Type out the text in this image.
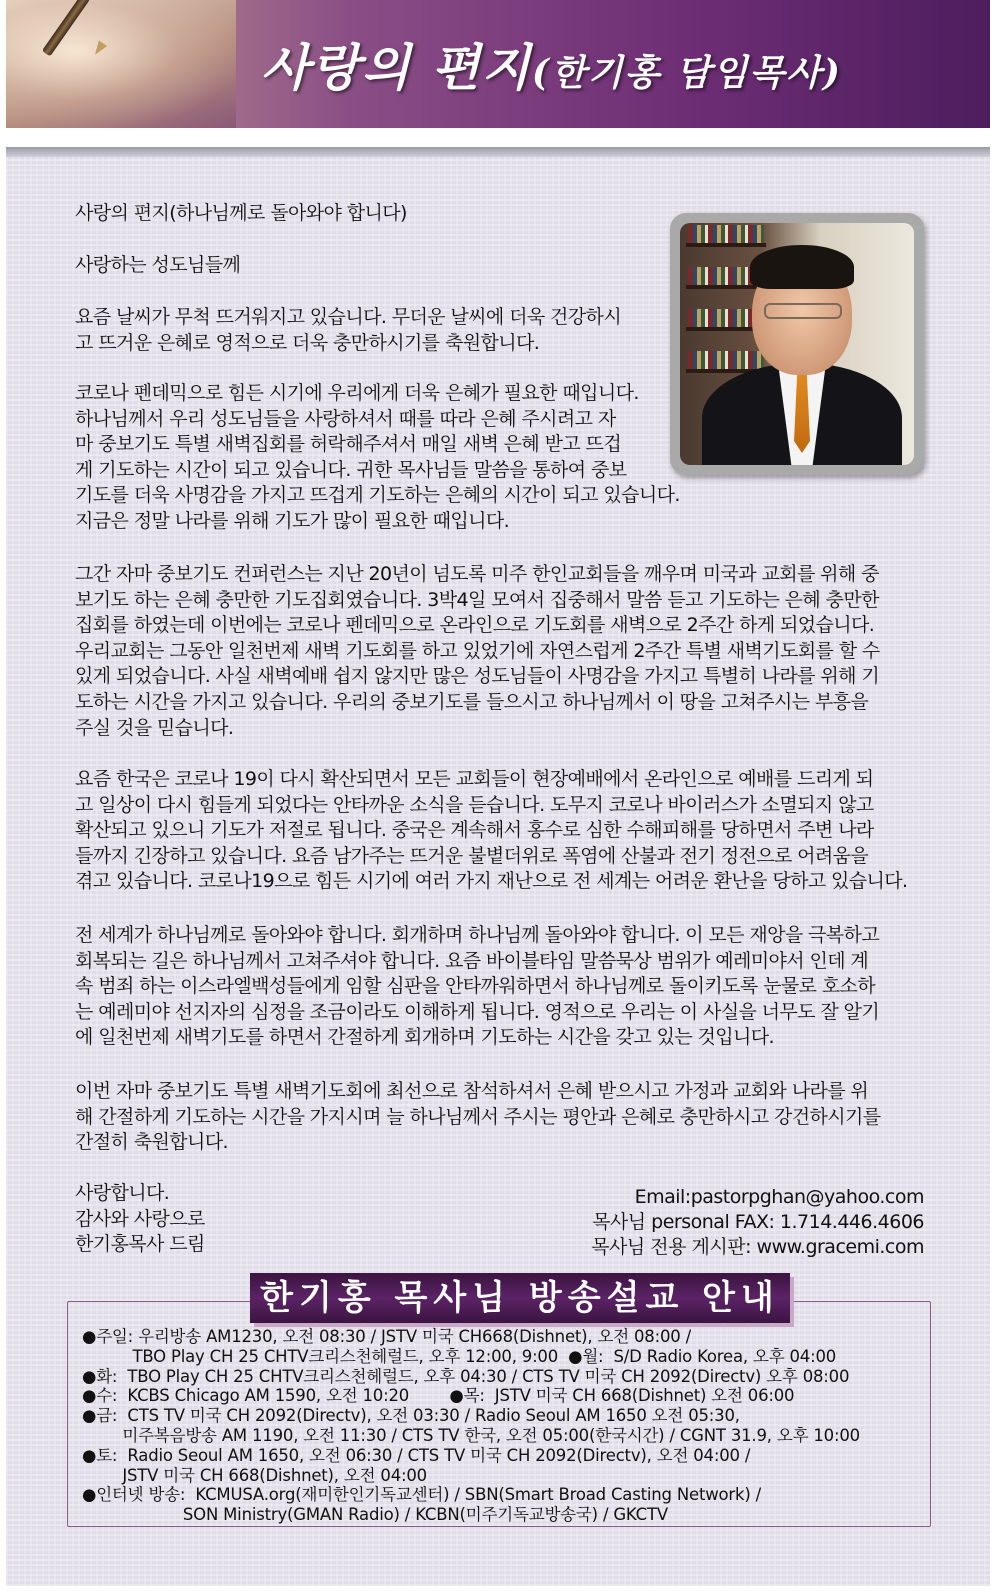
사랑의 편지(한기홍 담임목사)
사랑의 편지(하나님께로 돌아와야 합니다)
사랑하는 성도님들께
요즘 날씨가 무척 뜨거워지고 있습니다. 무더운 날씨에 더욱 건강하시
고 뜨거운 은혜로 영적으로 더욱 충만하시기를 축원합니다.
코로나 펜데믹으로 힘든 시기에 우리에게 더욱 은혜가 필요한 때입니다.
하나님께서 우리 성도님들을 사랑하셔서 때를 따라 은혜 주시려고 자
마 중보기도 특별 새벽집회를 허락해주셔서 매일 새벽 은혜 받고 뜨겁
게 기도하는 시간이 되고 있습니다. 귀한 목사님들 말씀을 통하여 중보
기도를 더욱 사명감을 가지고 뜨겁게 기도하는 은혜의 시간이 되고 있습니다.
지금은 정말 나라를 위해 기도가 많이 필요한 때입니다.
그간 자마 중보기도 컨퍼런스는 지난 20년이 넘도록 미주 한인교회들을 깨우며 미국과 교회를 위해 중
보기도 하는 은혜 충만한 기도집회였습니다. 3박4일 모여서 집중해서 말씀 듣고 기도하는 은혜 충만한
집회를 하였는데 이번에는 코로나 펜데믹으로 온라인으로 기도회를 새벽으로 2주간 하게 되었습니다.
우리교회는 그동안 일천번제 새벽 기도회를 하고 있었기에 자연스럽게 2주간 특별 새벽기도회를 할 수
있게 되었습니다. 사실 새벽예배 쉽지 않지만 많은 성도님들이 사명감을 가지고 특별히 나라를 위해 기
도하는 시간을 가지고 있습니다. 우리의 중보기도를 들으시고 하나님께서 이 땅을 고쳐주시는 부흥을
주실 것을 믿습니다.
요즘 한국은 코로나 19이 다시 확산되면서 모든 교회들이 현장예배에서 온라인으로 예배를 드리게 되
고 일상이 다시 힘들게 되었다는 안타까운 소식을 듣습니다. 도무지 코로나 바이러스가 소멸되지 않고
확산되고 있으니 기도가 저절로 됩니다. 중국은 계속해서 홍수로 심한 수해피해를 당하면서 주변 나라
들까지 긴장하고 있습니다. 요즘 남가주는 뜨거운 불볕더위로 폭염에 산불과 전기 정전으로 어려움을
겪고 있습니다. 코로나19으로 힘든 시기에 여러 가지 재난으로 전 세계는 어려운 환난을 당하고 있습니다.
전 세계가 하나님께로 돌아와야 합니다. 회개하며 하나님께 돌아와야 합니다. 이 모든 재앙을 극복하고
회복되는 길은 하나님께서 고쳐주셔야 합니다. 요즘 바이블타임 말씀묵상 범위가 예레미야서 인데 계
속 범죄 하는 이스라엘백성들에게 임할 심판을 안타까워하면서 하나님께로 돌이키도록 눈물로 호소하
는 예레미야 선지자의 심정을 조금이라도 이해하게 됩니다. 영적으로 우리는 이 사실을 너무도 잘 알기
에 일천번제 새벽기도를 하면서 간절하게 회개하며 기도하는 시간을 갖고 있는 것입니다.
이번 자마 중보기도 특별 새벽기도회에 최선으로 참석하셔서 은혜 받으시고 가정과 교회와 나라를 위
해 간절하게 기도하는 시간을 가지시며 늘 하나님께서 주시는 평안과 은혜로 충만하시고 강건하시기를
간절히 축원합니다.
사랑합니다.
감사와 사랑으로
한기홍목사 드림
Email:pastorpghan@yahoo.com
목사님 personal FAX: 1.714.446.4606
목사님 전용 게시판: www.gracemi.com
한기홍 목사님 방송설교 안내
●주일: 우리방송 AM1230, 오전 08:30 / JSTV 미국 CH668(Dishnet), 오전 08:00 /
TBO Play CH 25 CHTV크리스천헤럴드, 오후 12:00, 9:00  ●월:  S/D Radio Korea, 오후 04:00
●화:  TBO Play CH 25 CHTV크리스천헤럴드, 오후 04:30 / CTS TV 미국 CH 2092(Directv) 오후 08:00
●수:  KCBS Chicago AM 1590, 오전 10:20        ●목:  JSTV 미국 CH 668(Dishnet) 오전 06:00
●금:  CTS TV 미국 CH 2092(Directv), 오전 03:30 / Radio Seoul AM 1650 오전 05:30,
미주복음방송 AM 1190, 오전 11:30 / CTS TV 한국, 오전 05:00(한국시간) / CGNT 31.9, 오후 10:00
●토:  Radio Seoul AM 1650, 오전 06:30 / CTS TV 미국 CH 2092(Directv), 오전 04:00 /
JSTV 미국 CH 668(Dishnet), 오전 04:00
●인터넷 방송:  KCMUSA.org(재미한인기독교센터) / SBN(Smart Broad Casting Network) /
SON Ministry(GMAN Radio) / KCBN(미주기독교방송국) / GKCTV
